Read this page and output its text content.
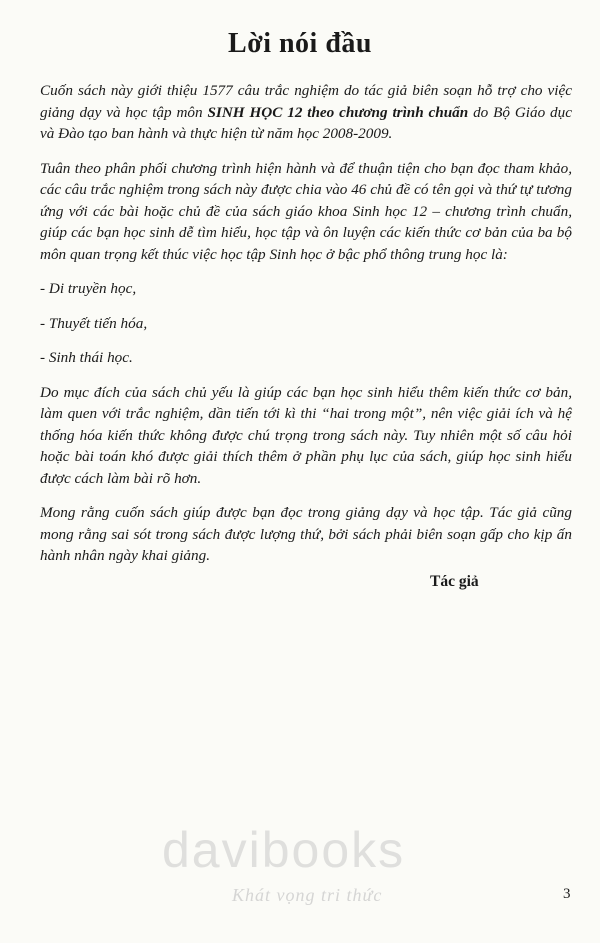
Lời nói đầu

Cuốn sách này giới thiệu 1577 câu trắc nghiệm do tác giả biên soạn hỗ trợ cho việc giảng dạy và học tập môn SINH HỌC 12 theo chương trình chuẩn do Bộ Giáo dục và Đào tạo ban hành và thực hiện từ năm học 2008-2009.

Tuân theo phân phối chương trình hiện hành và để thuận tiện cho bạn đọc tham khảo, các câu trắc nghiệm trong sách này được chia vào 46 chủ đề có tên gọi và thứ tự tương ứng với các bài hoặc chủ đề của sách giáo khoa Sinh học 12 – chương trình chuẩn, giúp các bạn học sinh dễ tìm hiểu, học tập và ôn luyện các kiến thức cơ bản của ba bộ môn quan trọng kết thúc việc học tập Sinh học ở bậc phổ thông trung học là:

- Di truyền học,
- Thuyết tiến hóa,
- Sinh thái học.

Do mục đích của sách chủ yếu là giúp các bạn học sinh hiểu thêm kiến thức cơ bản, làm quen với trắc nghiệm, dần tiến tới kì thi “hai trong một”, nên việc giải ích và hệ thống hóa kiến thức không được chú trọng trong sách này. Tuy nhiên một số câu hỏi hoặc bài toán khó được giải thích thêm ở phần phụ lục của sách, giúp học sinh hiểu được cách làm bài rõ hơn.

Mong rằng cuốn sách giúp được bạn đọc trong giảng dạy và học tập. Tác giả cũng mong rằng sai sót trong sách được lượng thứ, bởi sách phải biên soạn gấp cho kịp ấn hành nhân ngày khai giảng.

Tác giả
davibooks
Khát vọng tri thức	3
